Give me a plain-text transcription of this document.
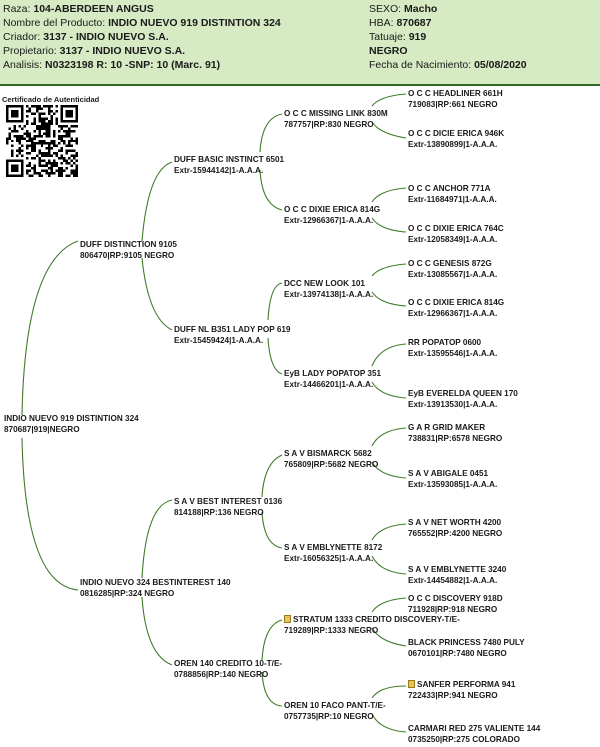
Raza: 104-ABERDEEN ANGUS
Nombre del Producto: INDIO NUEVO 919 DISTINTION 324
Criador: 3137 - INDIO NUEVO S.A.
Propietario: 3137 - INDIO NUEVO S.A.
Analisis: N0323198 R: 10 -SNP: 10 (Marc. 91)
SEXO: Macho
HBA: 870687
Tatuaje: 919
NEGRO
Fecha de Nacimiento: 05/08/2020
Certificado de Autenticidad
INDIO NUEVO 919 DISTINTION 324
870687|919|NEGRO
DUFF DISTINCTION 9105
806470|RP:9105 NEGRO
INDIO NUEVO 324 BESTINTEREST 140
0816285|RP:324 NEGRO
DUFF BASIC INSTINCT 6501
Extr-15944142|1-A.A.A.
DUFF NL B351 LADY POP 619
Extr-15459424|1-A.A.A.
S A V BEST INTEREST 0136
814188|RP:136 NEGRO
OREN 140 CREDITO 10-T/E-
0788856|RP:140 NEGRO
O C C MISSING LINK 830M
787757|RP:830 NEGRO
O C C DIXIE ERICA 814G
Extr-12966367|1-A.A.A.
DCC NEW LOOK 101
Extr-13974138|1-A.A.A.
EyB LADY POPATOP 351
Extr-14466201|1-A.A.A.
S A V BISMARCK 5682
765809|RP:5682 NEGRO
S A V EMBLYNETTE 8172
Extr-16056325|1-A.A.A.
STRATUM 1333 CREDITO DISCOVERY-T/E-
719289|RP:1333 NEGRO
OREN 10 FACO PANT-T/E-
0757735|RP:10 NEGRO
O C C HEADLINER 661H
719083|RP:661 NEGRO
O C C DICIE ERICA 946K
Extr-13890899|1-A.A.A.
O C C ANCHOR 771A
Extr-11684971|1-A.A.A.
O C C DIXIE ERICA 764C
Extr-12058349|1-A.A.A.
O C C GENESIS 872G
Extr-13085567|1-A.A.A.
O C C DIXIE ERICA 814G
Extr-12966367|1-A.A.A.
RR POPATOP 0600
Extr-13595546|1-A.A.A.
EyB EVERELDA QUEEN 170
Extr-13913530|1-A.A.A.
G A R GRID MAKER
738831|RP:6578 NEGRO
S A V ABIGALE 0451
Extr-13593085|1-A.A.A.
S A V NET WORTH 4200
765552|RP:4200 NEGRO
S A V EMBLYNETTE 3240
Extr-14454882|1-A.A.A.
O C C DISCOVERY 918D
711928|RP:918 NEGRO
BLACK PRINCESS 7480 PULY
0670101|RP:7480 NEGRO
SANFER PERFORMA 941
722433|RP:941 NEGRO
CARMARI RED 275 VALIENTE 144
0735250|RP:275 COLORADO
